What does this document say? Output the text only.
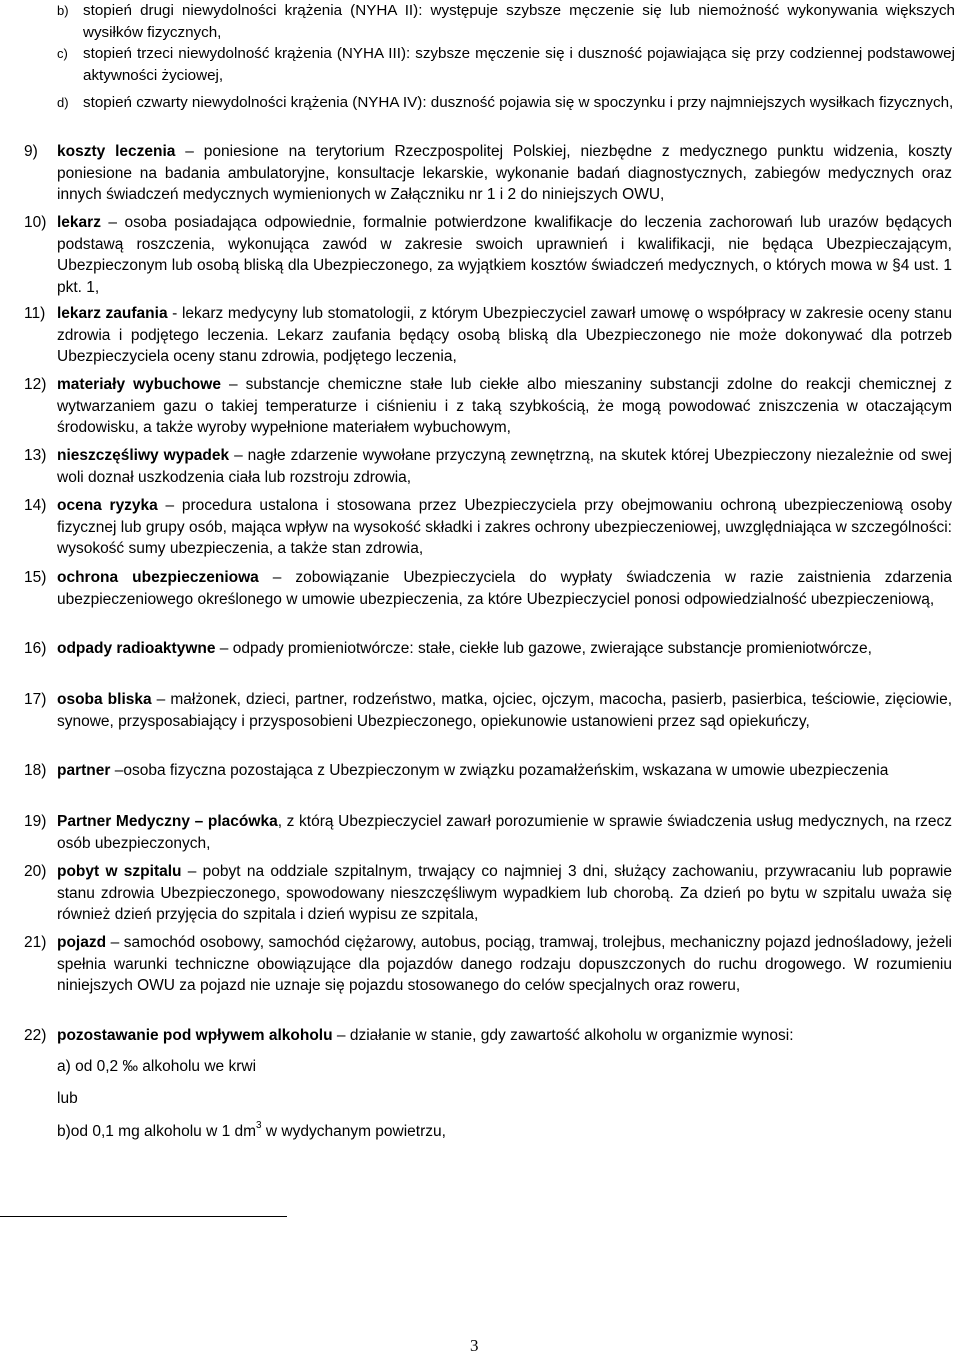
b) stopień drugi niewydolności krążenia (NYHA II): występuje szybsze męczenie się lub niemożność wykonywania większych wysiłków fizycznych,
c) stopień trzeci niewydolność krążenia (NYHA III): szybsze męczenie się i duszność pojawiająca się przy codziennej podstawowej aktywności życiowej,
d) stopień czwarty niewydolności krążenia (NYHA IV): duszność pojawia się w spoczynku i przy najmniejszych wysiłkach fizycznych,
9) koszty leczenia – poniesione na terytorium Rzeczpospolitej Polskiej, niezbędne z medycznego punktu widzenia, koszty poniesione na badania ambulatoryjne, konsultacje lekarskie, wykonanie badań diagnostycznych, zabiegów medycznych oraz innych świadczeń medycznych wymienionych w Załączniku nr 1 i 2 do niniejszych OWU,
10) lekarz – osoba posiadająca odpowiednie, formalnie potwierdzone kwalifikacje do leczenia zachorowań lub urazów będących podstawą roszczenia, wykonująca zawód w zakresie swoich uprawnień i kwalifikacji, nie będąca Ubezpieczającym, Ubezpieczonym lub osobą bliską dla Ubezpieczonego, za wyjątkiem kosztów świadczeń medycznych, o których mowa w §4 ust. 1 pkt. 1,
11) lekarz zaufania - lekarz medycyny lub stomatologii, z którym Ubezpieczyciel zawarł umowę o współpracy w zakresie oceny stanu zdrowia i podjętego leczenia. Lekarz zaufania będący osobą bliską dla Ubezpieczonego nie może dokonywać dla potrzeb Ubezpieczyciela oceny stanu zdrowia, podjętego leczenia,
12) materiały wybuchowe – substancje chemiczne stałe lub ciekłe albo mieszaniny substancji zdolne do reakcji chemicznej z wytwarzaniem gazu o takiej temperaturze i ciśnieniu i z taką szybkością, że mogą powodować zniszczenia w otaczającym środowisku, a także wyroby wypełnione materiałem wybuchowym,
13) nieszczęśliwy wypadek – nagłe zdarzenie wywołane przyczyną zewnętrzną, na skutek której Ubezpieczony niezależnie od swej woli doznał uszkodzenia ciała lub rozstroju zdrowia,
14) ocena ryzyka – procedura ustalona i stosowana przez Ubezpieczyciela przy obejmowaniu ochroną ubezpieczeniową osoby fizycznej lub grupy osób, mająca wpływ na wysokość składki i zakres ochrony ubezpieczeniowej, uwzględniająca w szczególności: wysokość sumy ubezpieczenia, a także stan zdrowia,
15) ochrona ubezpieczeniowa – zobowiązanie Ubezpieczyciela do wypłaty świadczenia w razie zaistnienia zdarzenia ubezpieczeniowego określonego w umowie ubezpieczenia, za które Ubezpieczyciel ponosi odpowiedzialność ubezpieczeniową,
16) odpady radioaktywne – odpady promieniotwórcze: stałe, ciekłe lub gazowe, zwierające substancje promieniotwórcze,
17) osoba bliska – małżonek, dzieci, partner, rodzeństwo, matka, ojciec, ojczym, macocha, pasierb, pasierbica, teściowie, zięciowie, synowe, przysposabiający i przysposobieni Ubezpieczonego, opiekunowie ustanowieni przez sąd opiekuńczy,
18) partner –osoba fizyczna pozostająca z Ubezpieczonym w związku pozamałżeńskim, wskazana w umowie ubezpieczenia
19) Partner Medyczny – placówka, z którą Ubezpieczyciel zawarł porozumienie w sprawie świadczenia usług medycznych, na rzecz osób ubezpieczonych,
20) pobyt w szpitalu – pobyt na oddziale szpitalnym, trwający co najmniej 3 dni, służący zachowaniu, przywracaniu lub poprawie stanu zdrowia Ubezpieczonego, spowodowany nieszczęśliwym wypadkiem lub chorobą. Za dzień po bytu w szpitalu uważa się również dzień przyjęcia do szpitala i dzień wypisu ze szpitala,
21) pojazd – samochód osobowy, samochód ciężarowy, autobus, pociąg, tramwaj, trolejbus, mechaniczny pojazd jednośladowy, jeżeli spełnia warunki techniczne obowiązujące dla pojazdów danego rodzaju dopuszczonych do ruchu drogowego. W rozumieniu niniejszych OWU za pojazd nie uznaje się pojazdu stosowanego do celów specjalnych oraz roweru,
22) pozostawanie pod wpływem alkoholu – działanie w stanie, gdy zawartość alkoholu w organizmie wynosi:
a) od 0,2 ‰ alkoholu we krwi
lub
b)od 0,1 mg alkoholu w 1 $dm^3$ w wydychanym powietrzu,
3
